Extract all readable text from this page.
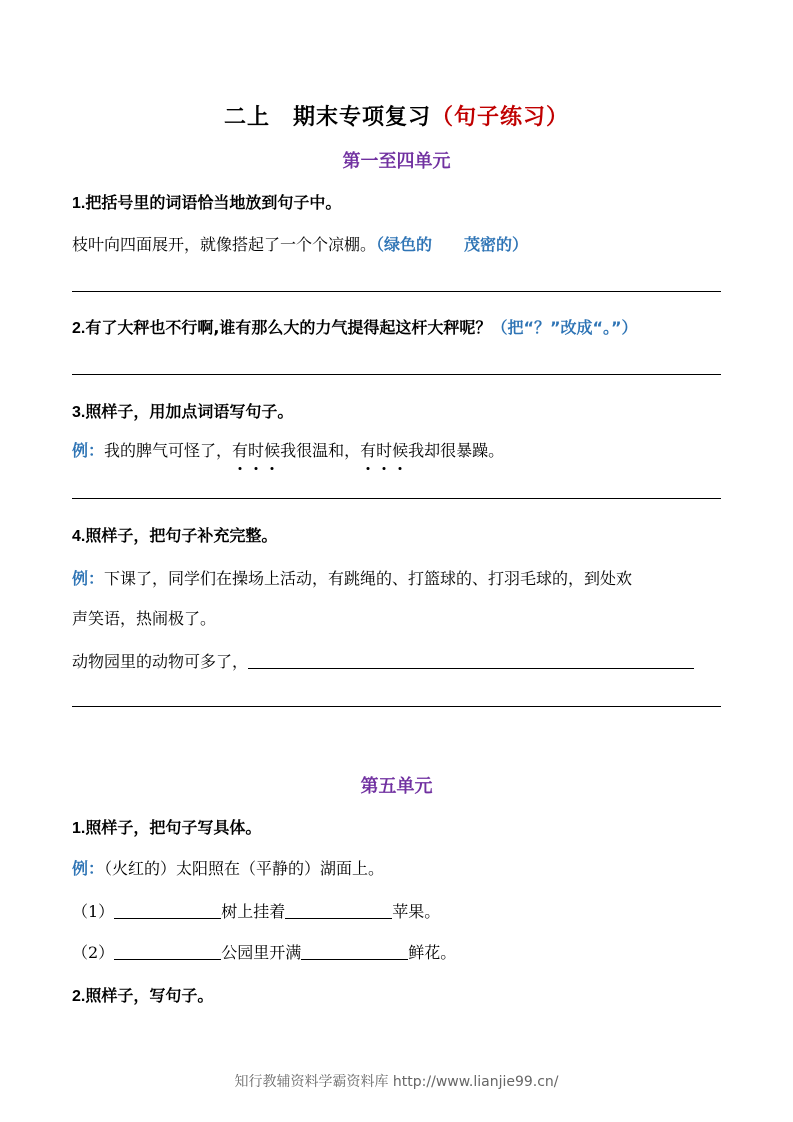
二上　期末专项复习（句子练习）
第一至四单元
1.把括号里的词语恰当地放到句子中。
枝叶向四面展开，就像搭起了一个个凉棚。（绿色的　　茂密的）
2.有了大秤也不行啊,谁有那么大的力气提得起这杆大秤呢？（把“？”改成“。”）
3.照样子，用加点词语写句子。
例：我的脾气可怪了，有时候我很温和，有时候我却很暴躁。
4.照样子，把句子补充完整。
例：下课了，同学们在操场上活动，有跳绳的、打篮球的、打羽毛球的，到处欢
声笑语，热闹极了。
动物园里的动物可多了，
第五单元
1.照样子，把句子写具体。
例：（火红的）太阳照在（平静的）湖面上。
（1）	树上挂着	苹果。
（2）	公园里开满	鲜花。
2.照样子，写句子。
知行教辅资料学霸资料库 http://www.lianjie99.cn/
